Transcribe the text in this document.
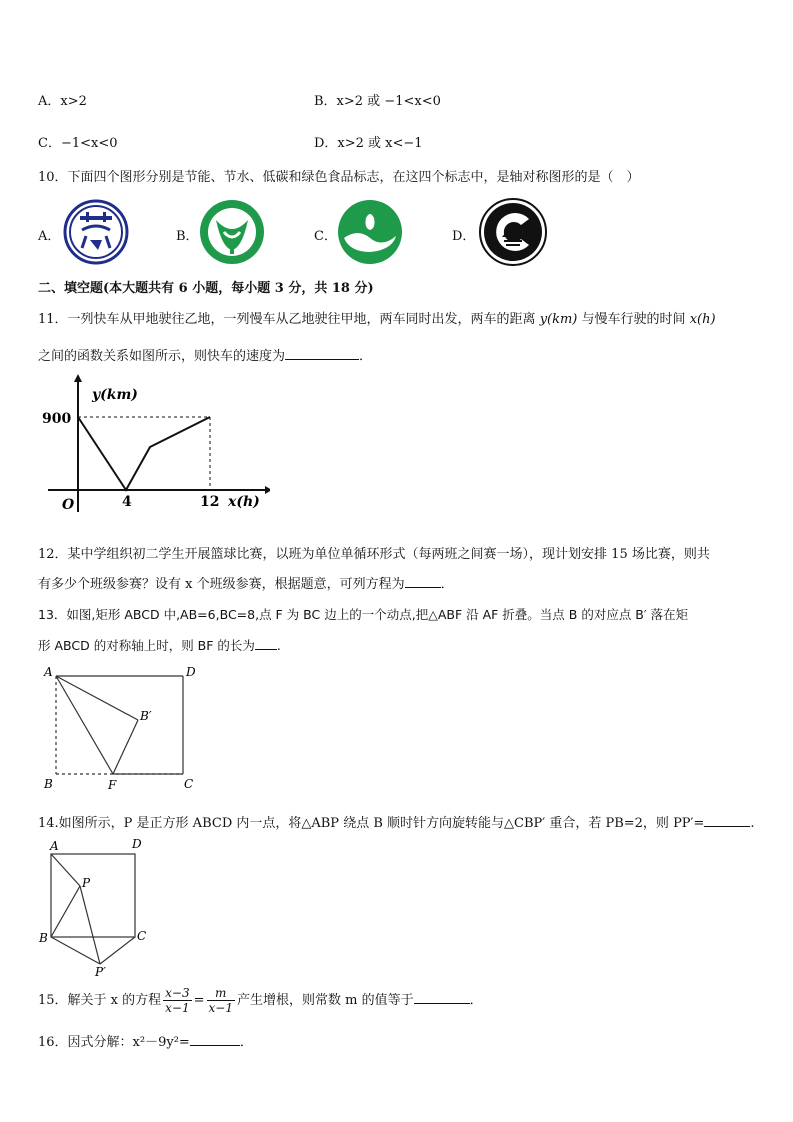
A．x>2	B．x>2 或 −1<x<0
C．−1<x<0	D．x>2 或 x<−1
10．下面四个图形分别是节能、节水、低碳和绿色食品标志，在这四个标志中，是轴对称图形的是（　）
A．	B．	C．	D．
二、填空题(本大题共有 6 小题，每小题 3 分，共 18 分)
11．一列快车从甲地驶往乙地，一列慢车从乙地驶往甲地，两车同时出发，两车的距离 y(km) 与慢车行驶的时间 x(h)
之间的函数关系如图所示，则快车的速度为	．
y(km)
900
O	4	12 x(h)
12．某中学组织初二学生开展篮球比赛，以班为单位单循环形式（每两班之间赛一场），现计划安排 15 场比赛，则共
有多少个班级参赛？设有 x 个班级参赛，根据题意，可列方程为	．
13．如图,矩形 ABCD 中,AB=6,BC=8,点 F 为 BC 边上的一个动点,把△ABF 沿 AF 折叠。当点 B 的对应点 B′ 落在矩
形 ABCD 的对称轴上时，则 BF 的长为 .
A	D
B	C
F
B′
14.如图所示，P 是正方形 ABCD 内一点，将△ABP 绕点 B 顺时针方向旋转能与△CBP′ 重合，若 PB=2，则 PP′=	.
A	D
B	C
P
P′
15．解关于 x 的方程 $\frac{x-3}{x-1} = \frac{m}{x-1}$ 产生增根，则常数 m 的值等于	．
16．因式分解：x²－9y²=	．
